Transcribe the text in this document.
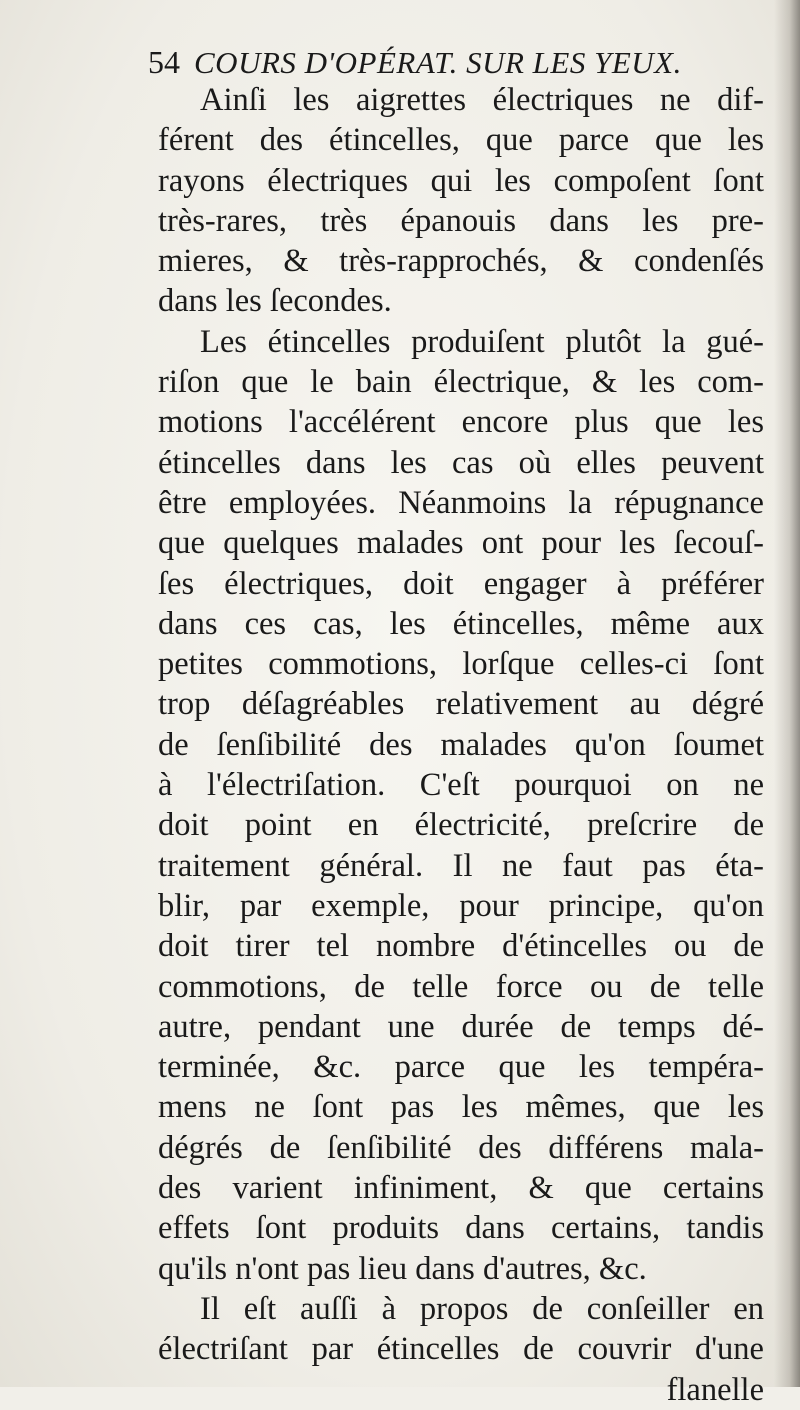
54 COURS D'OPÉRAT. SUR LES YEUX.
Ainſi les aigrettes électriques ne dif-
férent des étincelles, que parce que les
rayons électriques qui les compoſent ſont
très-rares, très épanouis dans les pre-
mieres, & très-rapprochés, & condenſés
dans les ſecondes.
Les étincelles produiſent plutôt la gué-
riſon que le bain électrique, & les com-
motions l'accélérent encore plus que les
étincelles dans les cas où elles peuvent
être employées. Néanmoins la répugnance
que quelques malades ont pour les ſecouſ-
ſes électriques, doit engager à préférer
dans ces cas, les étincelles, même aux
petites commotions, lorſque celles-ci ſont
trop déſagréables relativement au dégré
de ſenſibilité des malades qu'on ſoumet
à l'électriſation. C'eſt pourquoi on ne
doit point en électricité, preſcrire de
traitement général. Il ne faut pas éta-
blir, par exemple, pour principe, qu'on
doit tirer tel nombre d'étincelles ou de
commotions, de telle force ou de telle
autre, pendant une durée de temps dé-
terminée, &c. parce que les tempéra-
mens ne ſont pas les mêmes, que les
dégrés de ſenſibilité des différens mala-
des varient infiniment, & que certains
effets ſont produits dans certains, tandis
qu'ils n'ont pas lieu dans d'autres, &c.
Il eſt auſſi à propos de conſeiller en
électriſant par étincelles de couvrir d'une
flanelle
